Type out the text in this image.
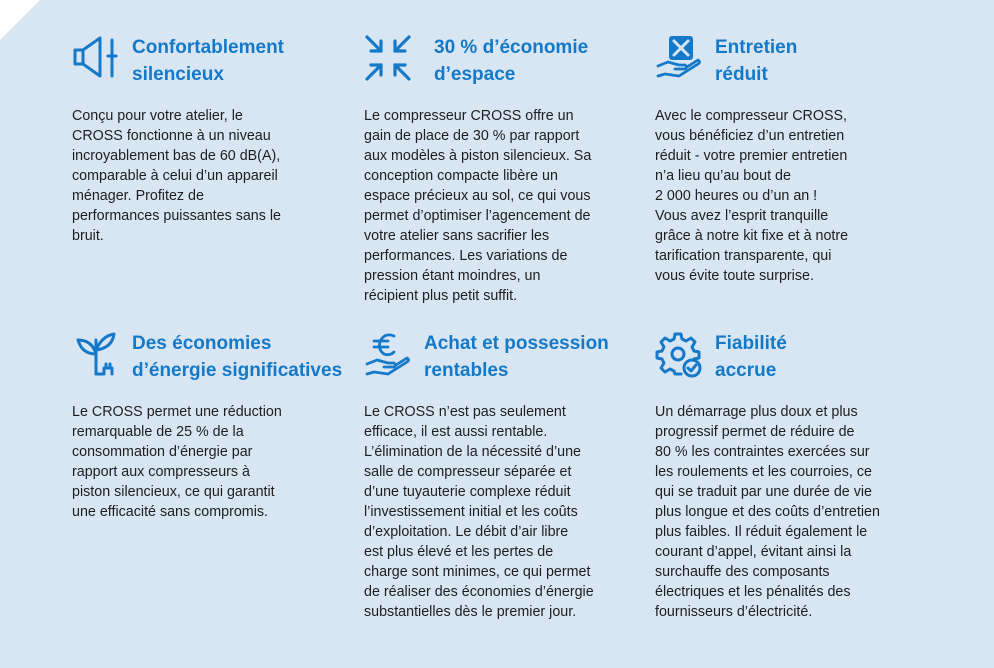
Confortablement
silencieux
Conçu pour votre atelier, le
CROSS fonctionne à un niveau
incroyablement bas de 60 dB(A),
comparable à celui d’un appareil
ménager. Profitez de
performances puissantes sans le
bruit.
30 % d’économie
d’espace
Le compresseur CROSS offre un
gain de place de 30 % par rapport
aux modèles à piston silencieux. Sa
conception compacte libère un
espace précieux au sol, ce qui vous
permet d’optimiser l’agencement de
votre atelier sans sacrifier les
performances. Les variations de
pression étant moindres, un
récipient plus petit suffit.
Entretien
réduit
Avec le compresseur CROSS,
vous bénéficiez d’un entretien
réduit - votre premier entretien
n’a lieu qu’au bout de
2 000 heures ou d’un an !
Vous avez l’esprit tranquille
grâce à notre kit fixe et à notre
tarification transparente, qui
vous évite toute surprise.
Des économies
d’énergie significatives
Le CROSS permet une réduction
remarquable de 25 % de la
consommation d’énergie par
rapport aux compresseurs à
piston silencieux, ce qui garantit
une efficacité sans compromis.
Achat et possession
rentables
Le CROSS n’est pas seulement
efficace, il est aussi rentable.
L’élimination de la nécessité d’une
salle de compresseur séparée et
d’une tuyauterie complexe réduit
l’investissement initial et les coûts
d’exploitation. Le débit d’air libre
est plus élevé et les pertes de
charge sont minimes, ce qui permet
de réaliser des économies d’énergie
substantielles dès le premier jour.
Fiabilité
accrue
Un démarrage plus doux et plus
progressif permet de réduire de
80 % les contraintes exercées sur
les roulements et les courroies, ce
qui se traduit par une durée de vie
plus longue et des coûts d’entretien
plus faibles. Il réduit également le
courant d’appel, évitant ainsi la
surchauffe des composants
électriques et les pénalités des
fournisseurs d’électricité.
